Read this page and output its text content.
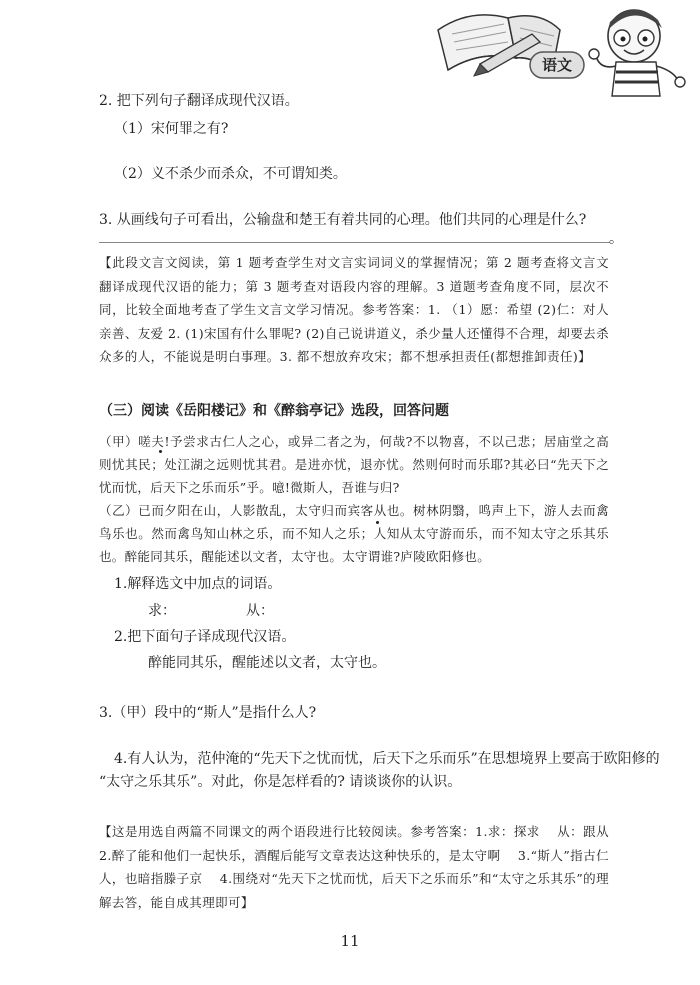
语文
2. 把下列句子翻译成现代汉语。
（1）宋何罪之有?
（2）义不杀少而杀众，不可谓知类。
3. 从画线句子可看出，公输盘和楚王有着共同的心理。他们共同的心理是什么?
。
【此段文言文阅读，第 1 题考查学生对文言实词词义的掌握情况；第 2 题考查将文言文翻译成现代汉语的能力；第 3 题考查对语段内容的理解。3 道题考查角度不同，层次不同，比较全面地考查了学生文言文学习情况。参考答案：1. （1）愿：希望 (2)仁：对人亲善、友爱 2. (1)宋国有什么罪呢? (2)自己说讲道义，杀少量人还懂得不合理，却要去杀众多的人，不能说是明白事理。3. 都不想放弃攻宋；都不想承担责任(都想推卸责任)】
（三）阅读《岳阳楼记》和《醉翁亭记》选段，回答问题
（甲）嗟夫!予尝求古仁人之心，或异二者之为，何哉?不以物喜，不以己悲；居庙堂之高则忧其民；处江湖之远则忧其君。是进亦忧，退亦忧。然则何时而乐耶?其必曰“先天下之忧而忧，后天下之乐而乐”乎。噫!微斯人，吾谁与归?
（乙）已而夕阳在山，人影散乱，太守归而宾客从也。树林阴翳，鸣声上下，游人去而禽鸟乐也。然而禽鸟知山林之乐，而不知人之乐；人知从太守游而乐，而不知太守之乐其乐也。醉能同其乐，醒能述以文者，太守也。太守谓谁?庐陵欧阳修也。
1.解释选文中加点的词语。
求：	从：
2.把下面句子译成现代汉语。
醉能同其乐，醒能述以文者，太守也。
3.（甲）段中的“斯人”是指什么人?
4.有人认为，范仲淹的“先天下之忧而忧，后天下之乐而乐”在思想境界上要高于欧阳修的
“太守之乐其乐”。对此，你是怎样看的? 请谈谈你的认识。
【这是用选自两篇不同课文的两个语段进行比较阅读。参考答案：1.求：探求　 从：跟从　2.醉了能和他们一起快乐，酒醒后能写文章表达这种快乐的，是太守啊　 3.“斯人”指古仁人，也暗指滕子京　 4.围绕对“先天下之忧而忧，后天下之乐而乐”和“太守之乐其乐”的理解去答，能自成其理即可】
11
